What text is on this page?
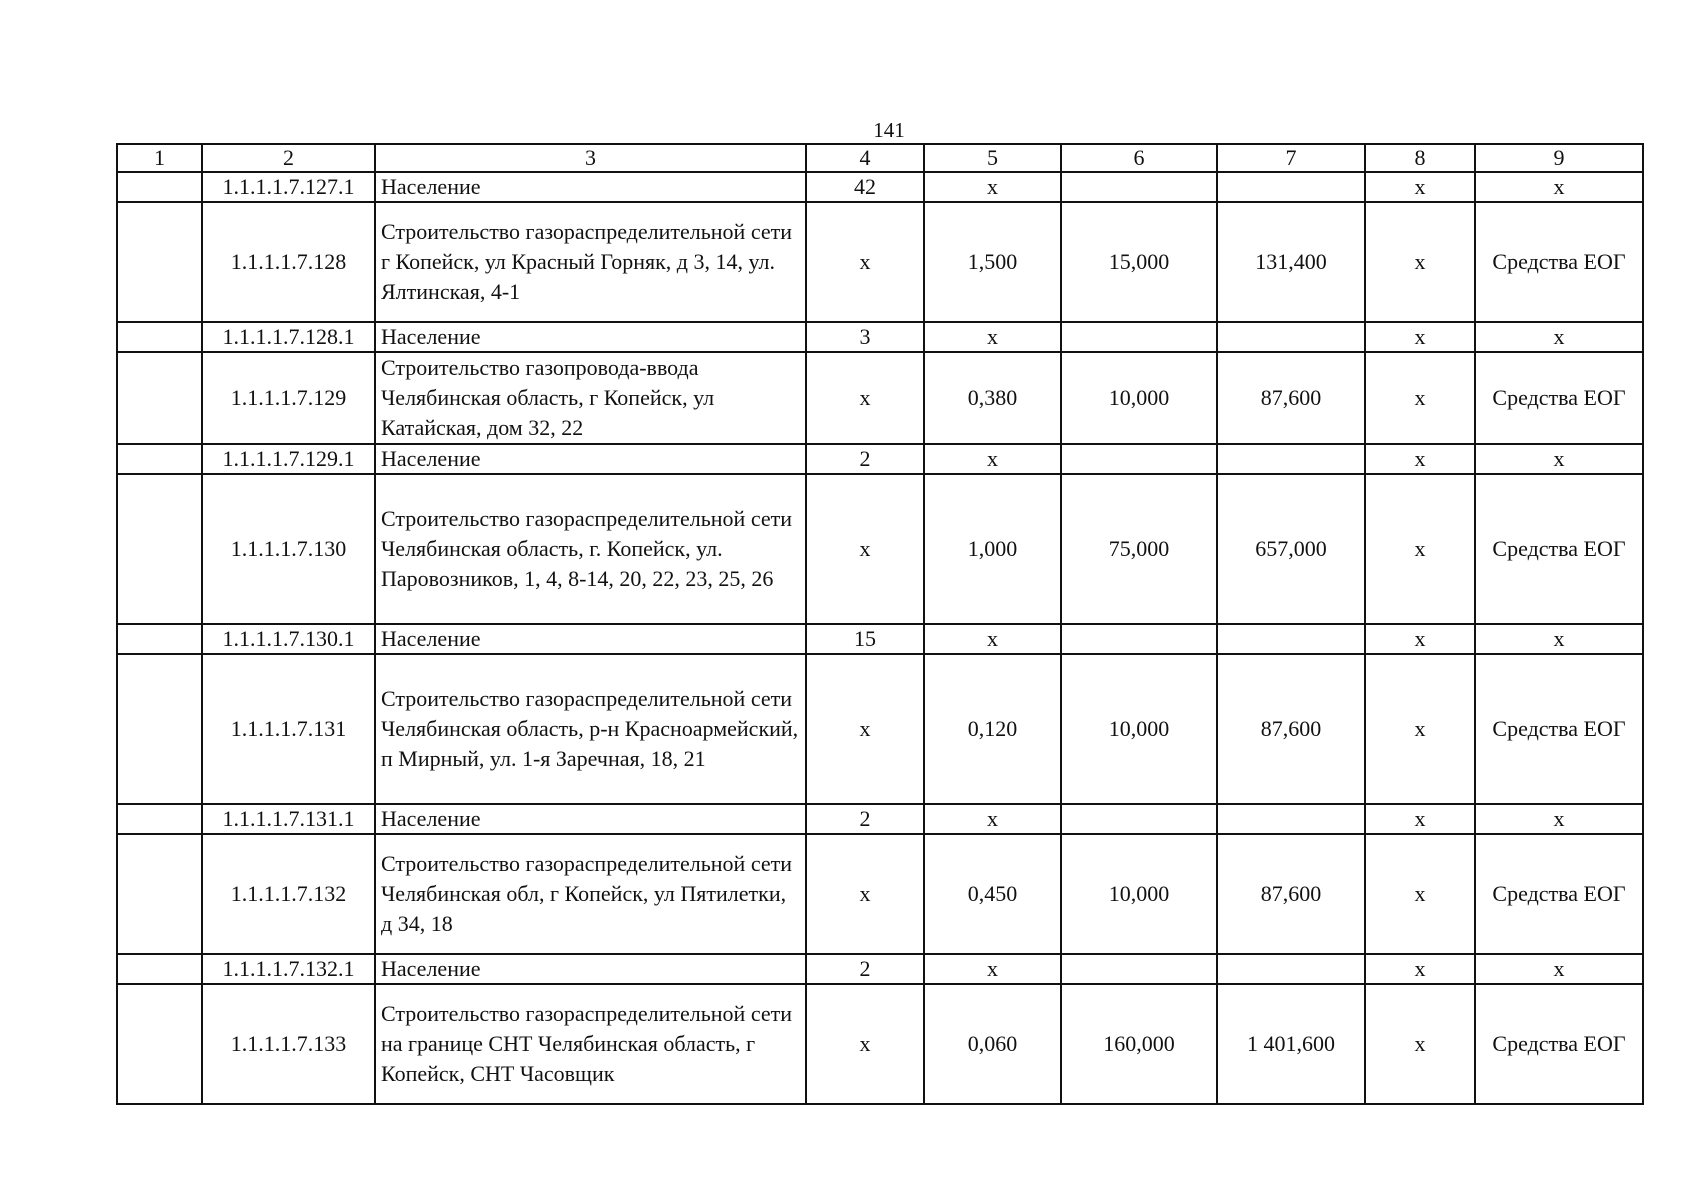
141
1	2	3	4	5	6	7	8	9
	1.1.1.1.7.127.1	Население	42	x			x	x
	1.1.1.1.7.128	Строительство газораспределительной сети г Копейск, ул Красный Горняк, д 3, 14, ул. Ялтинская, 4-1	x	1,500	15,000	131,400	x	Средства ЕОГ
	1.1.1.1.7.128.1	Население	3	x			x	x
	1.1.1.1.7.129	Строительство газопровода-ввода Челябинская область, г Копейск, ул Катайская, дом 32, 22	x	0,380	10,000	87,600	x	Средства ЕОГ
	1.1.1.1.7.129.1	Население	2	x			x	x
	1.1.1.1.7.130	Строительство газораспределительной сети Челябинская область, г. Копейск, ул. Паровозников, 1, 4, 8-14, 20, 22, 23, 25, 26	x	1,000	75,000	657,000	x	Средства ЕОГ
	1.1.1.1.7.130.1	Население	15	x			x	x
	1.1.1.1.7.131	Строительство газораспределительной сети Челябинская область, р-н Красноармейский, п Мирный, ул. 1-я Заречная, 18, 21	x	0,120	10,000	87,600	x	Средства ЕОГ
	1.1.1.1.7.131.1	Население	2	x			x	x
	1.1.1.1.7.132	Строительство газораспределительной сети Челябинская обл, г Копейск, ул Пятилетки, д 34, 18	x	0,450	10,000	87,600	x	Средства ЕОГ
	1.1.1.1.7.132.1	Население	2	x			x	x
	1.1.1.1.7.133	Строительство газораспределительной сети на границе СНТ Челябинская область, г Копейск, СНТ Часовщик	x	0,060	160,000	1 401,600	x	Средства ЕОГ
